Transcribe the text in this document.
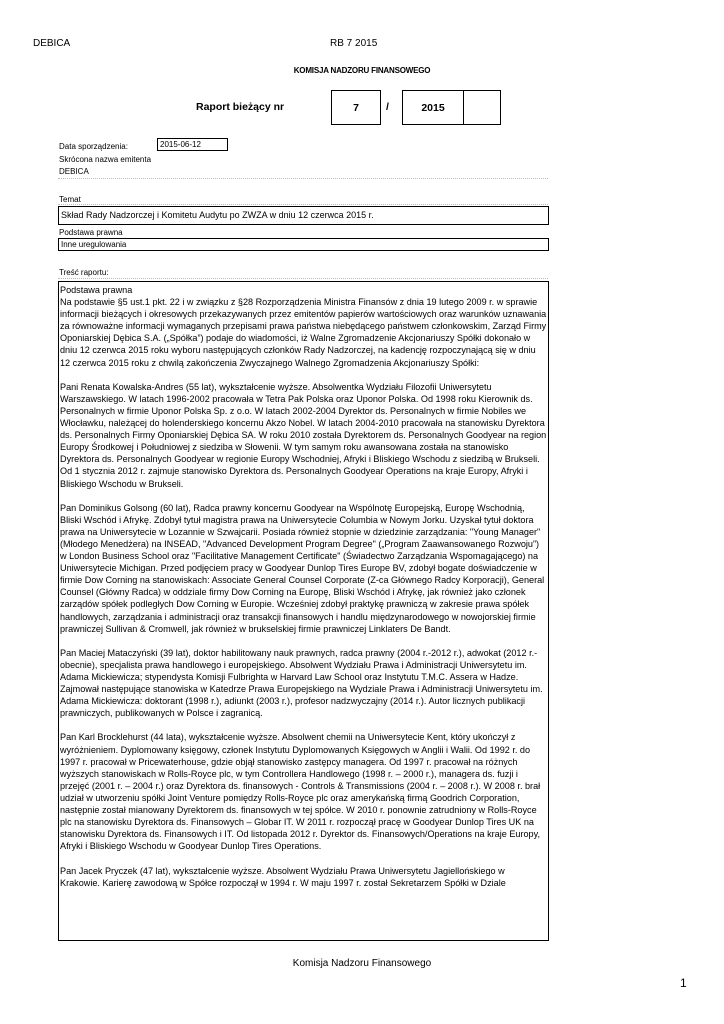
DEBICA	RB 7 2015
KOMISJA NADZORU FINANSOWEGO
Raport bieżący nr	7	/	2015
Data sporządzenia:	2015-06-12
Skrócona nazwa emitenta
DEBICA
Temat
Skład Rady Nadzorczej i Komitetu Audytu po ZWZA w dniu 12 czerwca 2015 r.
Podstawa prawna
Inne uregulowania
Treść raportu:

Podstawa prawna
Na podstawie §5 ust.1 pkt. 22 i w związku z §28 Rozporządzenia Ministra Finansów z dnia 19 lutego 2009 r. w sprawie informacji bieżących i okresowych przekazywanych przez emitentów papierów wartościowych oraz warunków uznawania za równoważne informacji wymaganych przepisami prawa państwa niebędącego państwem członkowskim, Zarząd Firmy Oponiarskiej Dębica S.A. („Spółka”) podaje do wiadomości, iż Walne Zgromadzenie Akcjonariuszy Spółki dokonało w dniu 12 czerwca 2015 roku wyboru następujących członków Rady Nadzorczej, na kadencję rozpoczynającą się w dniu 12 czerwca 2015 roku z chwilą zakończenia Zwyczajnego Walnego Zgromadzenia Akcjonariuszy Spółki:

Pani Renata Kowalska-Andres (55 lat), wykształcenie wyższe. Absolwentka Wydziału Filozofii Uniwersytetu Warszawskiego. W latach 1996-2002 pracowała w Tetra Pak Polska oraz Uponor Polska. Od 1998 roku Kierownik ds. Personalnych w firmie Uponor Polska Sp. z o.o. W latach 2002-2004 Dyrektor ds. Personalnych w firmie Nobiles we Włocławku, należącej do holenderskiego koncernu Akzo Nobel. W latach 2004-2010 pracowała na stanowisku Dyrektora ds. Personalnych Firmy Oponiarskiej Dębica SA. W roku 2010 została Dyrektorem ds. Personalnych Goodyear na region Europy Środkowej i Południowej z siedziba w Słowenii. W tym samym roku awansowana została na stanowisko Dyrektora ds. Personalnych Goodyear w regionie Europy Wschodniej, Afryki i Bliskiego Wschodu z siedzibą w Brukseli. Od 1 stycznia 2012 r. zajmuje stanowisko Dyrektora ds. Personalnych Goodyear Operations na kraje Europy, Afryki i Bliskiego Wschodu w Brukseli.

Pan Dominikus Golsong (60 lat), Radca prawny koncernu Goodyear na Wspólnotę Europejską, Europę Wschodnią, Bliski Wschód i Afrykę. Zdobył tytuł magistra prawa na Uniwersytecie Columbia w Nowym Jorku. Uzyskał tytuł doktora prawa na Uniwersytecie w Lozannie w Szwajcarii. Posiada również stopnie w dziedzinie zarządzania: "Young Manager" (Młodego Menedżera) na INSEAD, "Advanced Development Program Degree" („Program Zaawansowanego Rozwoju”) w London Business School oraz "Facilitative Management Certificate" (Świadectwo Zarządzania Wspomagającego) na Uniwersytecie Michigan. Przed podjęciem pracy w Goodyear Dunlop Tires Europe BV, zdobył bogate doświadczenie w firmie Dow Corning na stanowiskach: Associate General Counsel Corporate (Z-ca Głównego Radcy Korporacji), General Counsel (Główny Radca) w oddziale firmy Dow Corning na Europę, Bliski Wschód i Afrykę, jak również jako członek zarządów spółek podległych Dow Corning w Europie. Wcześniej zdobył praktykę prawniczą w zakresie prawa spółek handlowych, zarządzania i administracji oraz transakcji finansowych i handlu międzynarodowego w nowojorskiej firmie prawniczej Sullivan & Cromwell, jak również w brukselskiej firmie prawniczej Linklaters De Bandt.

Pan Maciej Mataczyński (39 lat), doktor habilitowany nauk prawnych, radca prawny (2004 r.-2012 r.), adwokat (2012 r.-obecnie), specjalista prawa handlowego i europejskiego. Absolwent Wydziału Prawa i Administracji Uniwersytetu im. Adama Mickiewicza; stypendysta Komisji Fulbrighta w Harvard Law School oraz Instytutu T.M.C. Assera w Hadze. Zajmował następujące stanowiska w Katedrze Prawa Europejskiego na Wydziale Prawa i Administracji Uniwersytetu im. Adama Mickiewicza: doktorant (1998 r.), adiunkt (2003 r.), profesor nadzwyczajny (2014 r.). Autor licznych publikacji prawniczych, publikowanych w Polsce i zagranicą.

Pan Karl Brocklehurst (44 lata), wykształcenie wyższe. Absolwent chemii na Uniwersytecie Kent, który ukończył z wyróżnieniem. Dyplomowany księgowy, członek Instytutu Dyplomowanych Księgowych w Anglii i Walii. Od 1992 r. do 1997 r. pracował w Pricewaterhouse, gdzie objął stanowisko zastępcy managera. Od 1997 r. pracował na różnych wyższych stanowiskach w Rolls-Royce plc, w tym Controllera Handlowego (1998 r. – 2000 r.), managera ds. fuzji i przejęć (2001 r. – 2004 r.) oraz Dyrektora ds. finansowych - Controls & Transmissions (2004 r. – 2008 r.). W 2008 r. brał udział w utworzeniu spółki Joint Venture pomiędzy Rolls-Royce plc oraz amerykańską firmą Goodrich Corporation, następnie został mianowany Dyrektorem ds. finansowych w tej spółce. W 2010 r. ponownie zatrudniony w Rolls-Royce plc na stanowisku Dyrektora ds. Finansowych – Globar IT. W 2011 r. rozpoczął pracę w Goodyear Dunlop Tires UK na stanowisku Dyrektora ds. Finansowych i IT. Od listopada 2012 r. Dyrektor ds. Finansowych/Operations na kraje Europy, Afryki i Bliskiego Wschodu w Goodyear Dunlop Tires Operations.

Pan Jacek Pryczek (47 lat), wykształcenie wyższe. Absolwent Wydziału Prawa Uniwersytetu Jagiellońskiego w Krakowie. Karierę zawodową w Spółce rozpoczął w 1994 r. W maju 1997 r. został Sekretarzem Spółki w Dziale

Komisja Nadzoru Finansowego
1
